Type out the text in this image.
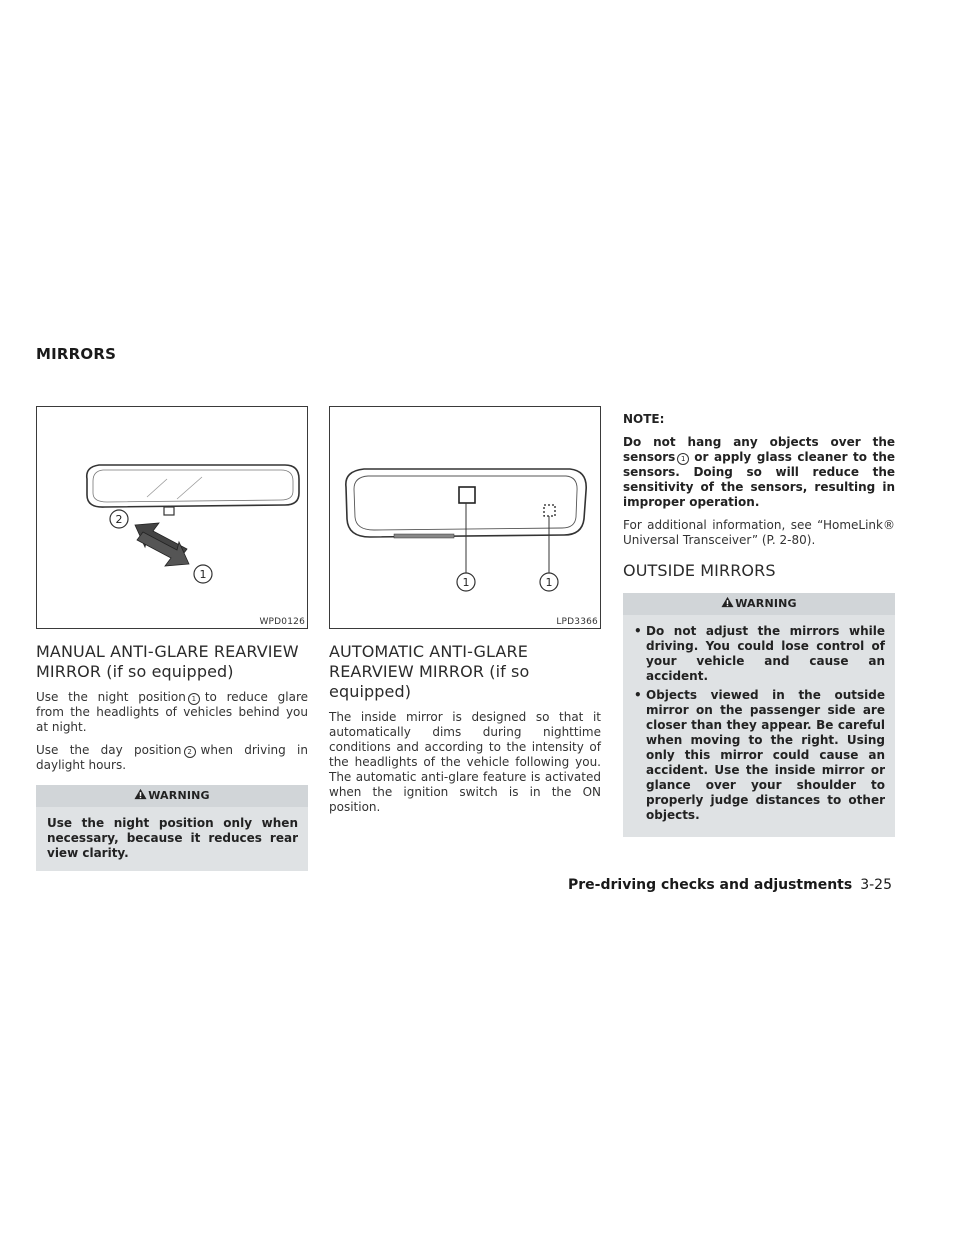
MIRRORS
2
1
WPD0126
MANUAL ANTI-GLARE REARVIEW MIRROR (if so equipped)

Use the night position 1 to reduce glare from the headlights of vehicles behind you at night.

Use the day position 2 when driving in daylight hours.

WARNING
Use the night position only when necessary, because it reduces rear view clarity.
1	1
LPD3366
AUTOMATIC ANTI-GLARE REARVIEW MIRROR (if so equipped)

The inside mirror is designed so that it automatically dims during nighttime conditions and according to the intensity of the headlights of the vehicle following you. The automatic anti-glare feature is activated when the ignition switch is in the ON position.

NOTE:

Do not hang any objects over the sensors 1 or apply glass cleaner to the sensors. Doing so will reduce the sensitivity of the sensors, resulting in improper operation.

For additional information, see “HomeLink® Universal Transceiver” (P. 2-80).

OUTSIDE MIRRORS
WARNING
• Do not adjust the mirrors while driving. You could lose control of your vehicle and cause an accident.
• Objects viewed in the outside mirror on the passenger side are closer than they appear. Be careful when moving to the right. Using only this mirror could cause an accident. Use the inside mirror or glance over your shoulder to properly judge distances to other objects.
Pre-driving checks and adjustments 3-25
